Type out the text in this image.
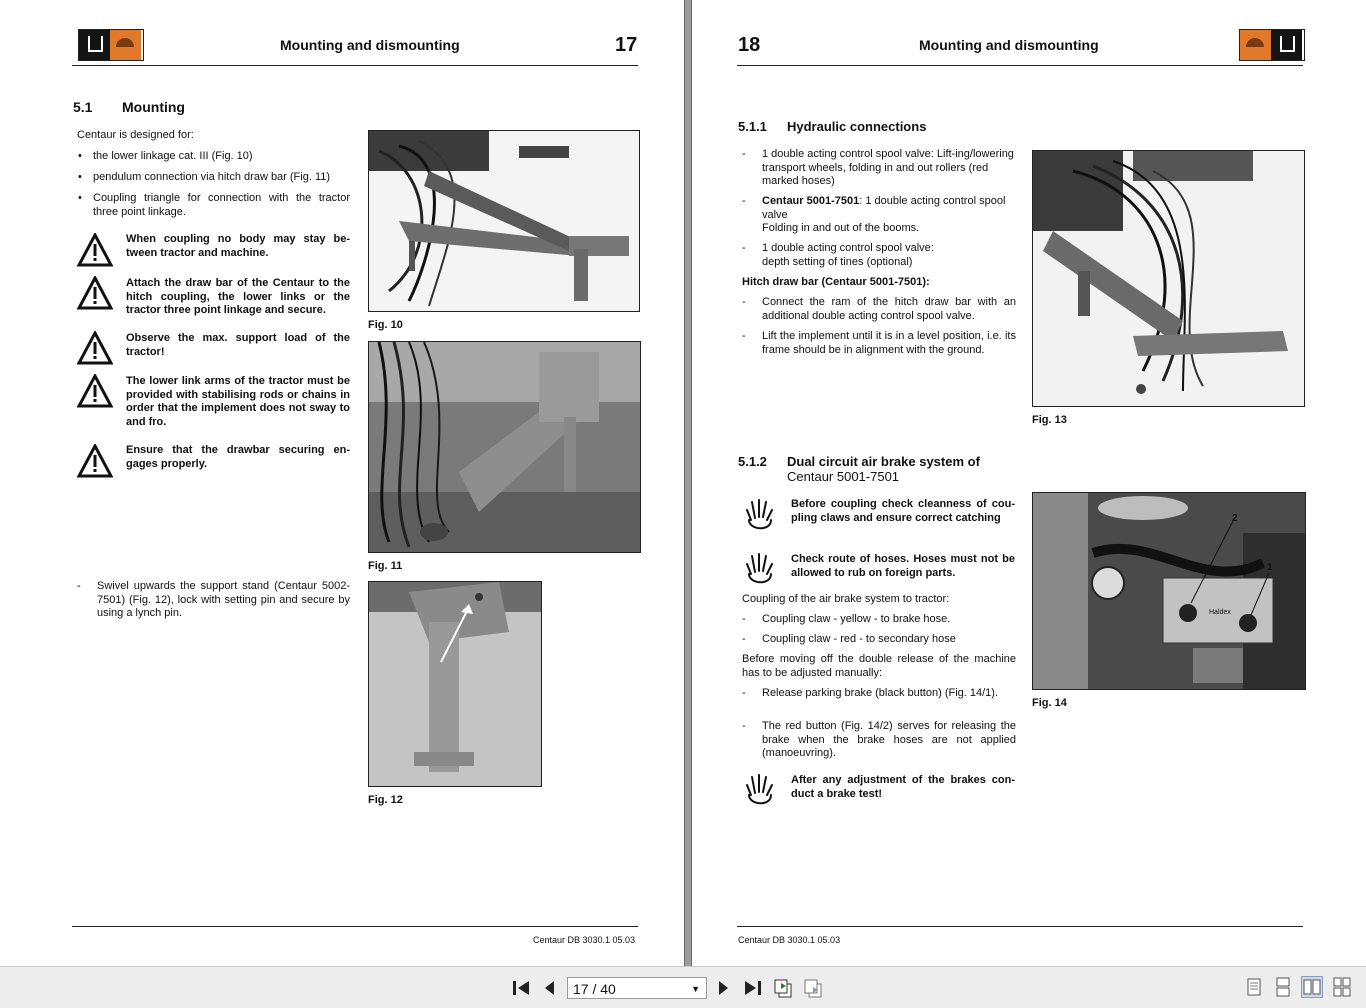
Mounting and dismounting	17
5.1 Mounting
Centaur is designed for:
• the lower linkage cat. III (Fig. 10)
• pendulum connection via hitch draw bar (Fig. 11)
• Coupling triangle for connection with the tractor three point linkage.
When coupling no body may stay be-tween tractor and machine.
Attach the draw bar of the Centaur to the hitch coupling, the lower links or the tractor three point linkage and secure.
Observe the max. support load of the tractor!
The lower link arms of the tractor must be provided with stabilising rods or chains in order that the implement does not sway to and fro.
Ensure that the drawbar securing en-gages properly.
- Swivel upwards the support stand (Centaur 5002-7501) (Fig. 12), lock with setting pin and secure by using a lynch pin.
Fig. 10
Fig. 11
Fig. 12
Centaur DB 3030.1 05.03
18	Mounting and dismounting
5.1.1 Hydraulic connections
- 1 double acting control spool valve: Lift-ing/lowering transport wheels, folding in and out rollers (red marked hoses)
- Centaur 5001-7501: 1 double acting control spool valve
Folding in and out of the booms.
- 1 double acting control spool valve:
depth setting of tines (optional)
Hitch draw bar (Centaur 5001-7501):
- Connect the ram of the hitch draw bar with an additional double acting control spool valve.
- Lift the implement until it is in a level position, i.e. its frame should be in alignment with the ground.
Fig. 13
5.1.2 Dual circuit air brake system of
Centaur 5001-7501
Before coupling check cleanness of cou-pling claws and ensure correct catching
Check route of hoses. Hoses must not be allowed to rub on foreign parts.
Coupling of the air brake system to tractor:
- Coupling claw - yellow - to brake hose.
- Coupling claw - red - to secondary hose
Before moving off the double release of the machine has to be adjusted manually:
- Release parking brake (black button) (Fig. 14/1).
- The red button (Fig. 14/2) serves for releasing the brake when the brake hoses are not applied (manoeuvring).
After any adjustment of the brakes con-duct a brake test!
2
1
Haldex
Fig. 14
Centaur DB 3030.1 05.03
17 / 40	▼
